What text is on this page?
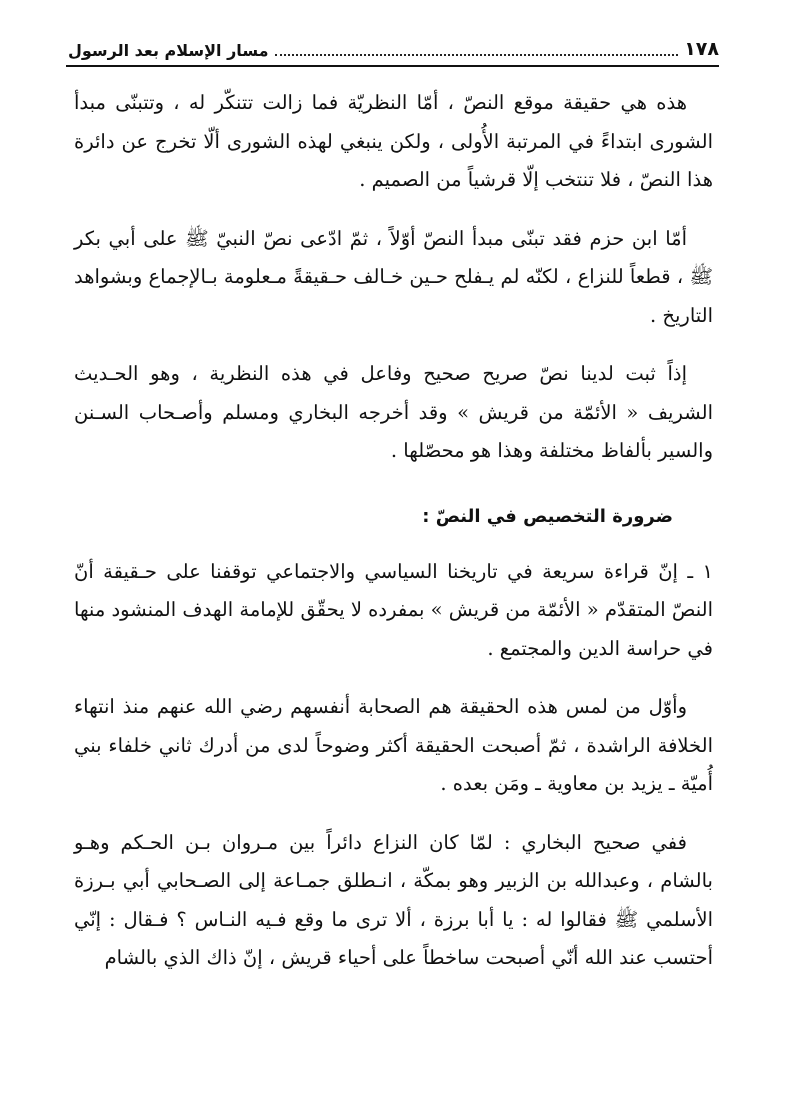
١٧٨
مسار الإسلام بعد الرسول

هذه هي حقيقة موقع النصّ ، أمّا النظريّة فما زالت تتنكّر له ، وتتبنّى مبدأ الشورى ابتداءً في المرتبة الأُولى ، ولكن ينبغي لهذه الشورى ألّا تخرج عن دائرة هذا النصّ ، فلا تنتخب إلّا قرشياً من الصميم .

أمّا ابن حزم فقد تبنّى مبدأ النصّ أوّلاً ، ثمّ ادّعى نصّ النبيّ ﷺ على أبي بكر ﷺ ، قطعاً للنزاع ، لكنّه لم يـفلح حـين خـالف حـقيقةً مـعلومة بـالإجماع وبشواهد التاريخ .

إذاً ثبت لدينا نصّ صريح صحيح وفاعل في هذه النظرية ، وهو الحـديث الشريف « الأئمّة من قريش » وقد أخرجه البخاري ومسلم وأصـحاب السـنن والسير بألفاظ مختلفة وهذا هو محصّلها .

ضرورة التخصيص في النصّ :

١ ـ إنّ قراءة سريعة في تاريخنا السياسي والاجتماعي توقفنا على حـقيقة أنّ النصّ المتقدّم « الأئمّة من قريش » بمفرده لا يحقّق للإمامة الهدف المنشود منها في حراسة الدين والمجتمع .

وأوّل من لمس هذه الحقيقة هم الصحابة أنفسهم رضي الله عنهم منذ انتهاء الخلافة الراشدة ، ثمّ أصبحت الحقيقة أكثر وضوحاً لدى من أدرك ثاني خلفاء بني أُميّة ـ يزيد بن معاوية ـ ومَن بعده .

ففي صحيح البخاري : لمّا كان النزاع دائراً بين مـروان بـن الحـكم وهـو بالشام ، وعبدالله بن الزبير وهو بمكّة ، انـطلق جمـاعة إلى الصـحابي أبي بـرزة الأسلمي ﷺ فقالوا له : يا أبا برزة ، ألا ترى ما وقع فـيه النـاس ؟ فـقال : إنّي أحتسب عند الله أنّي أصبحت ساخطاً على أحياء قريش ، إنّ ذاك الذي بالشام
